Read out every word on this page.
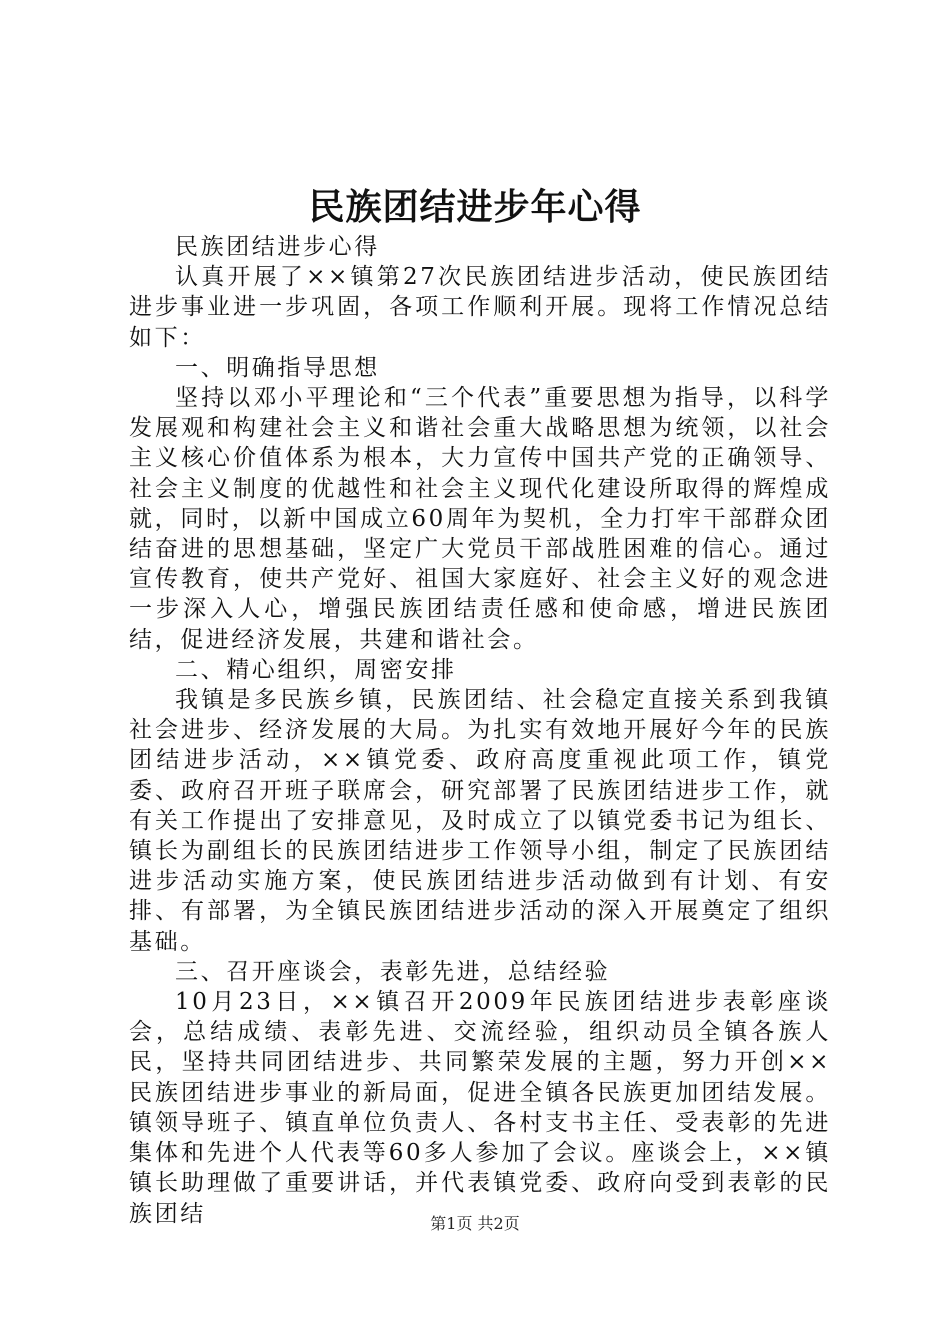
民族团结进步年心得

民族团结进步心得

认真开展了××镇第27次民族团结进步活动，使民族团结进步事业进一步巩固，各项工作顺利开展。现将工作情况总结如下：

一、明确指导思想

坚持以邓小平理论和“三个代表”重要思想为指导，以科学发展观和构建社会主义和谐社会重大战略思想为统领，以社会主义核心价值体系为根本，大力宣传中国共产党的正确领导、社会主义制度的优越性和社会主义现代化建设所取得的辉煌成就，同时，以新中国成立60周年为契机，全力打牢干部群众团结奋进的思想基础，坚定广大党员干部战胜困难的信心。通过宣传教育，使共产党好、祖国大家庭好、社会主义好的观念进一步深入人心，增强民族团结责任感和使命感，增进民族团结，促进经济发展，共建和谐社会。

二、精心组织，周密安排

我镇是多民族乡镇，民族团结、社会稳定直接关系到我镇社会进步、经济发展的大局。为扎实有效地开展好今年的民族团结进步活动，××镇党委、政府高度重视此项工作，镇党委、政府召开班子联席会，研究部署了民族团结进步工作，就有关工作提出了安排意见，及时成立了以镇党委书记为组长、镇长为副组长的民族团结进步工作领导小组，制定了民族团结进步活动实施方案，使民族团结进步活动做到有计划、有安排、有部署，为全镇民族团结进步活动的深入开展奠定了组织基础。

三、召开座谈会，表彰先进，总结经验

10月23日，××镇召开2009年民族团结进步表彰座谈会，总结成绩、表彰先进、交流经验，组织动员全镇各族人民，坚持共同团结进步、共同繁荣发展的主题，努力开创××民族团结进步事业的新局面，促进全镇各民族更加团结发展。镇领导班子、镇直单位负责人、各村支书主任、受表彰的先进集体和先进个人代表等60多人参加了会议。座谈会上，××镇镇长助理做了重要讲话，并代表镇党委、政府向受到表彰的民族团结	第1页 共2页
